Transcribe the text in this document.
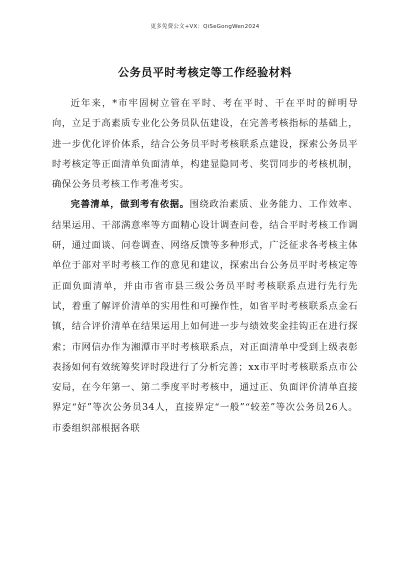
更多免费公文+VX：QiSeGongWen2024
公务员平时考核定等工作经验材料

近年来，*市牢固树立管在平时、考在平时、干在平时的鲜明导向，立足于高素质专业化公务员队伍建设，在完善考核指标的基础上，进一步优化评价体系，结合公务员平时考核联系点建设，探索公务员平时考核定等正面清单负面清单，构建显隐同考、奖罚同步的考核机制，确保公务员考核工作考准考实。

完善清单，做到考有依据。围绕政治素质、业务能力、工作效率、结果运用、干部满意率等方面精心设计调查问卷，结合平时考核工作调研，通过面谈、问卷调查、网络反馈等多种形式，广泛征求各考核主体单位于部对平时考核工作的意见和建议，探索出台公务员平时考核定等正面负面清单，并由市省市县三级公务员平时考核联系点进行先行先试，着重了解评价清单的实用性和可操作性，如省平时考核联系点金石镇，结合评价清单在结果运用上如何进一步与绩效奖金挂钩正在进行探索；市网信办作为湘潭市平时考核联系点，对正面清单中受到上级表彰表扬如何有效统筹奖评时段进行了分析完善；xx市平时考核联系点市公安局，在今年第一、第二季度平时考核中，通过正、负面评价清单直接界定“好”等次公务员34人，直接界定“一般”“较差”等次公务员26人。市委组织部根据各联
